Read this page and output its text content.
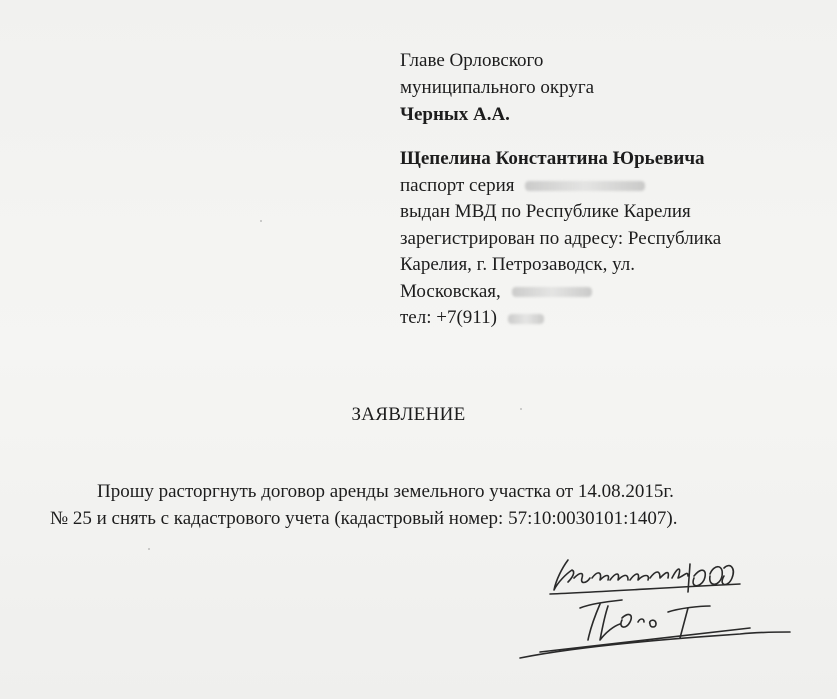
Главе Орловского
муниципального округа
Черных А.А.
Щепелина Константина Юрьевича
паспорт серия
выдан МВД по Республике Карелия
зарегистрирован по адресу: Республика
Карелия, г. Петрозаводск, ул.
Московская,
тел: +7(911)
ЗАЯВЛЕНИЕ
Прошу расторгнуть договор аренды земельного участка от 14.08.2015г.
№ 25 и снять с кадастрового учета (кадастровый номер: 57:10:0030101:1407).
